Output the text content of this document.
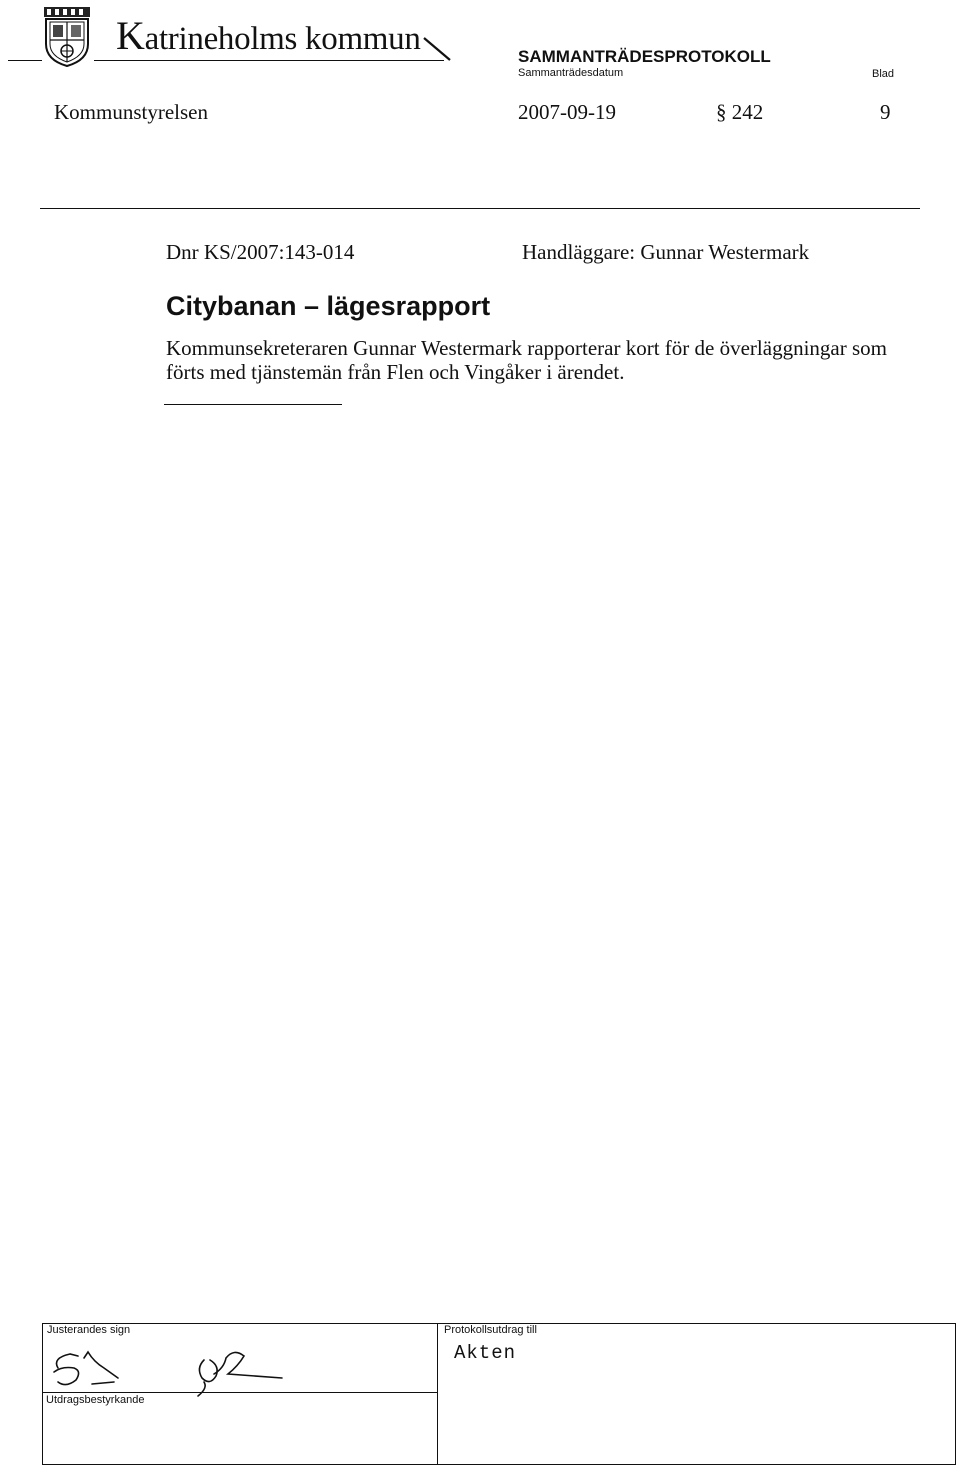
Katrineholms kommun	SAMMANTRÄDESPROTOKOLL
Sammanträdesdatum	Blad
Kommunstyrelsen	2007-09-19	§ 242	9
Dnr KS/2007:143-014	Handläggare: Gunnar Westermark
Citybanan – lägesrapport
Kommunsekreteraren Gunnar Westermark rapporterar kort för de överläggningar som förts med tjänstemän från Flen och Vingåker i ärendet.
Justerandes sign
Utdragsbestyrkande
Protokollsutdrag till
Akten
